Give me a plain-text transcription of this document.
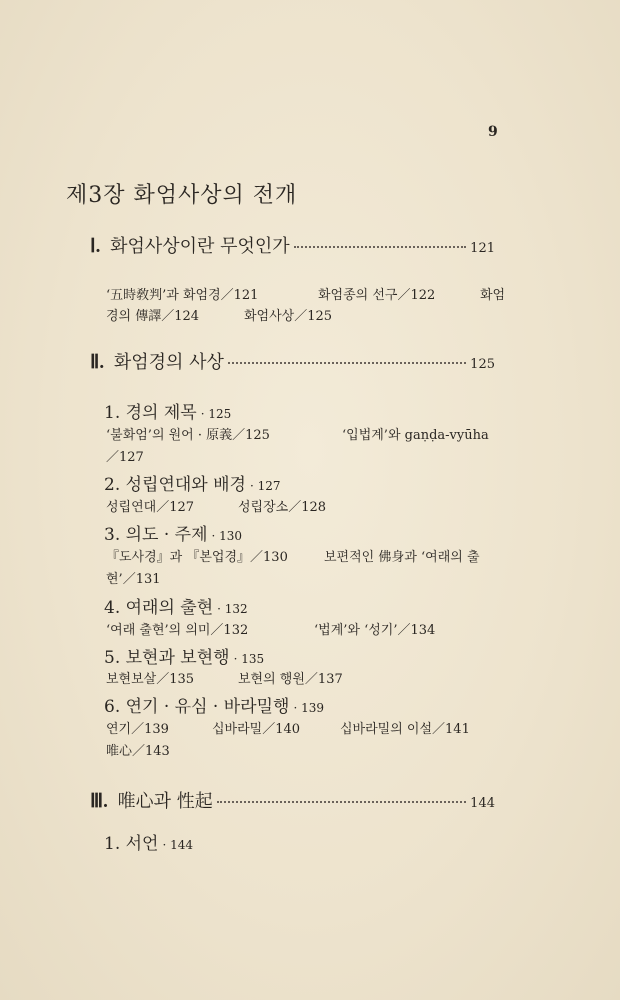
9
제3장 화엄사상의 전개
Ⅰ. 화엄사상이란 무엇인가	121
‘五時敎判’과 화엄경／121	화엄종의 선구／122	화엄
경의 傳譯／124	화엄사상／125
Ⅱ. 화엄경의 사상	125
1. 경의 제목 · 125
‘불화엄’의 원어 · 原義／125	‘입법계’와 gaṇḍa-vyūha
／127
2. 성립연대와 배경 · 127
성립연대／127	성립장소／128
3. 의도 · 주제 · 130
『도사경』과 『본업경』／130	보편적인 佛身과 ‘여래의 출
현’／131
4. 여래의 출현 · 132
‘여래 출현’의 의미／132	‘법계’와 ‘성기’／134
5. 보현과 보현행 · 135
보현보살／135	보현의 행원／137
6. 연기 · 유심 · 바라밀행 · 139
연기／139	십바라밀／140	십바라밀의 이설／141
唯心／143
Ⅲ. 唯心과 性起	144
1. 서언 · 144
